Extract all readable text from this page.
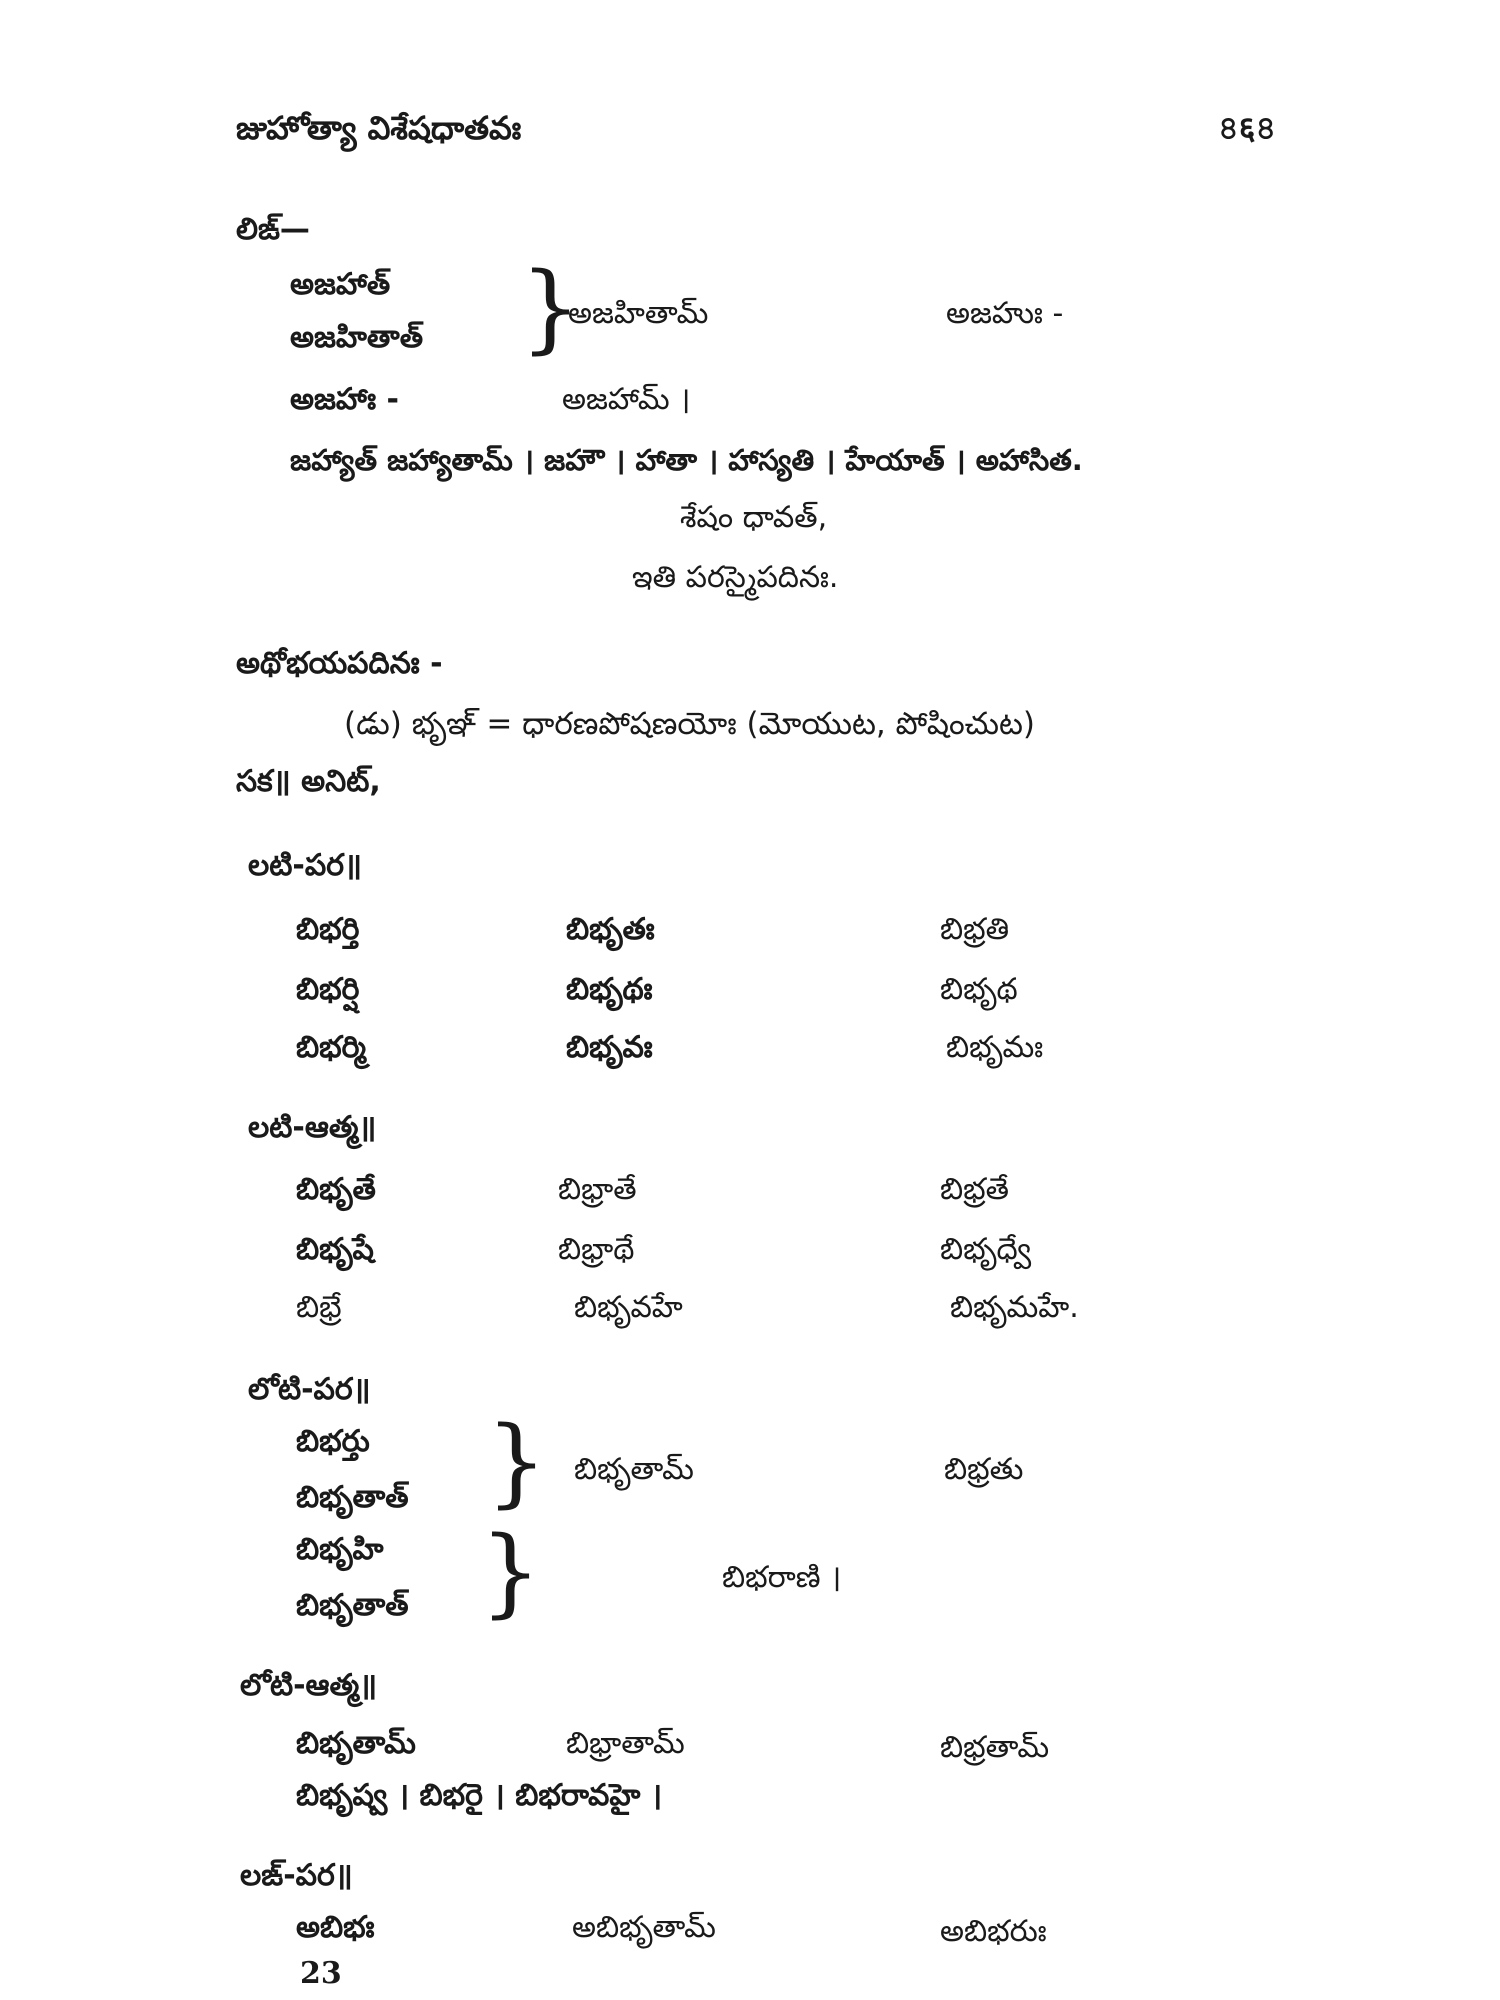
జుహోత్యా విశేషధాతవః	৪६৪
లిఙ్—
అజహాత్
అజహితాత్ }
అజహితామ్	అజహుః -
అజహాః -	అజహామ్ ।
జహ్యాత్ జహ్యాతామ్ । జహౌ । హాతా । హాస్యతి । హేయాత్ । అహాసిత.
శేషం ధావత్,
ఇతి పరస్మైపదినః.
అథోభయపదినః -
(డు) భృఞ్ = ధారణపోషణయోః (మోయుట, పోషించుట)
సక॥ అనిట్,
లటి-పర॥
బిభర్తి	బిభృతః	బిభ్రతి
బిభర్షి	బిభృథః	బిభృథ
బిభర్మి	బిభృవః	బిభృమః
లటి-ఆత్మ॥
బిభృతే	బిభ్రాతే	బిభ్రతే
బిభృషే	బిభ్రాథే	బిభృధ్వే
బిభ్రే	బిభృవహే	బిభృమహే.
లోటి-పర॥
బిభర్తు
బిభృతాత్ } బిభృతామ్	బిభ్రతు
బిభృహి
బిభృతాత్ }	బిభరాణి ।
లోటి-ఆత్మ॥
బిభృతామ్	బిభ్రాతామ్	బిభ్రతామ్
బిభృష్వ । బిభరై । బిభరావహై ।
లఙ్-పర॥
అబిభః	అబిభృతామ్	అబిభరుః
23
